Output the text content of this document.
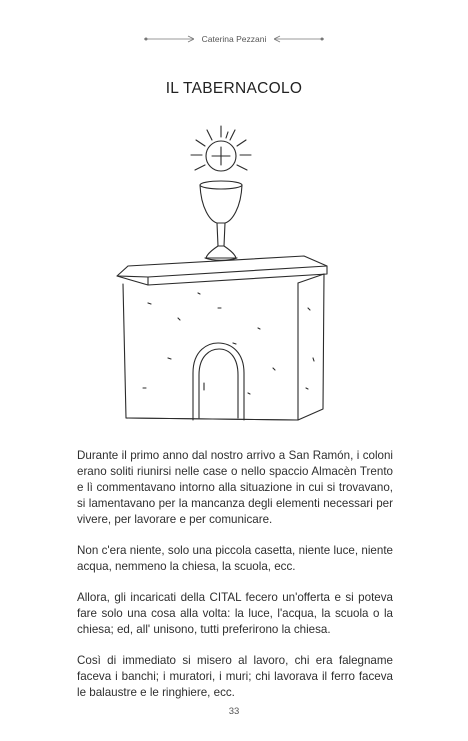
Caterina Pezzani
IL TABERNACOLO

Durante il primo anno dal nostro arrivo a San Ramón, i coloni erano soliti riunirsi nelle case o nello spaccio Almacèn Trento e lì commentavano intorno alla situazione in cui si trovavano, si lamentavano per la mancanza degli elementi necessari per vivere, per lavorare e per comunicare.

Non c'era niente, solo una piccola casetta, niente luce, niente acqua, nemmeno la chiesa, la scuola, ecc.

Allora, gli incaricati della CITAL fecero un'offerta e si poteva fare solo una cosa alla volta: la luce, l'acqua, la scuola o la chiesa; ed, all' unisono, tutti preferirono la chiesa.

Così di immediato si misero al lavoro, chi era falegname faceva i banchi; i muratori, i muri; chi lavorava il ferro faceva le balaustre e le ringhiere, ecc.

33
